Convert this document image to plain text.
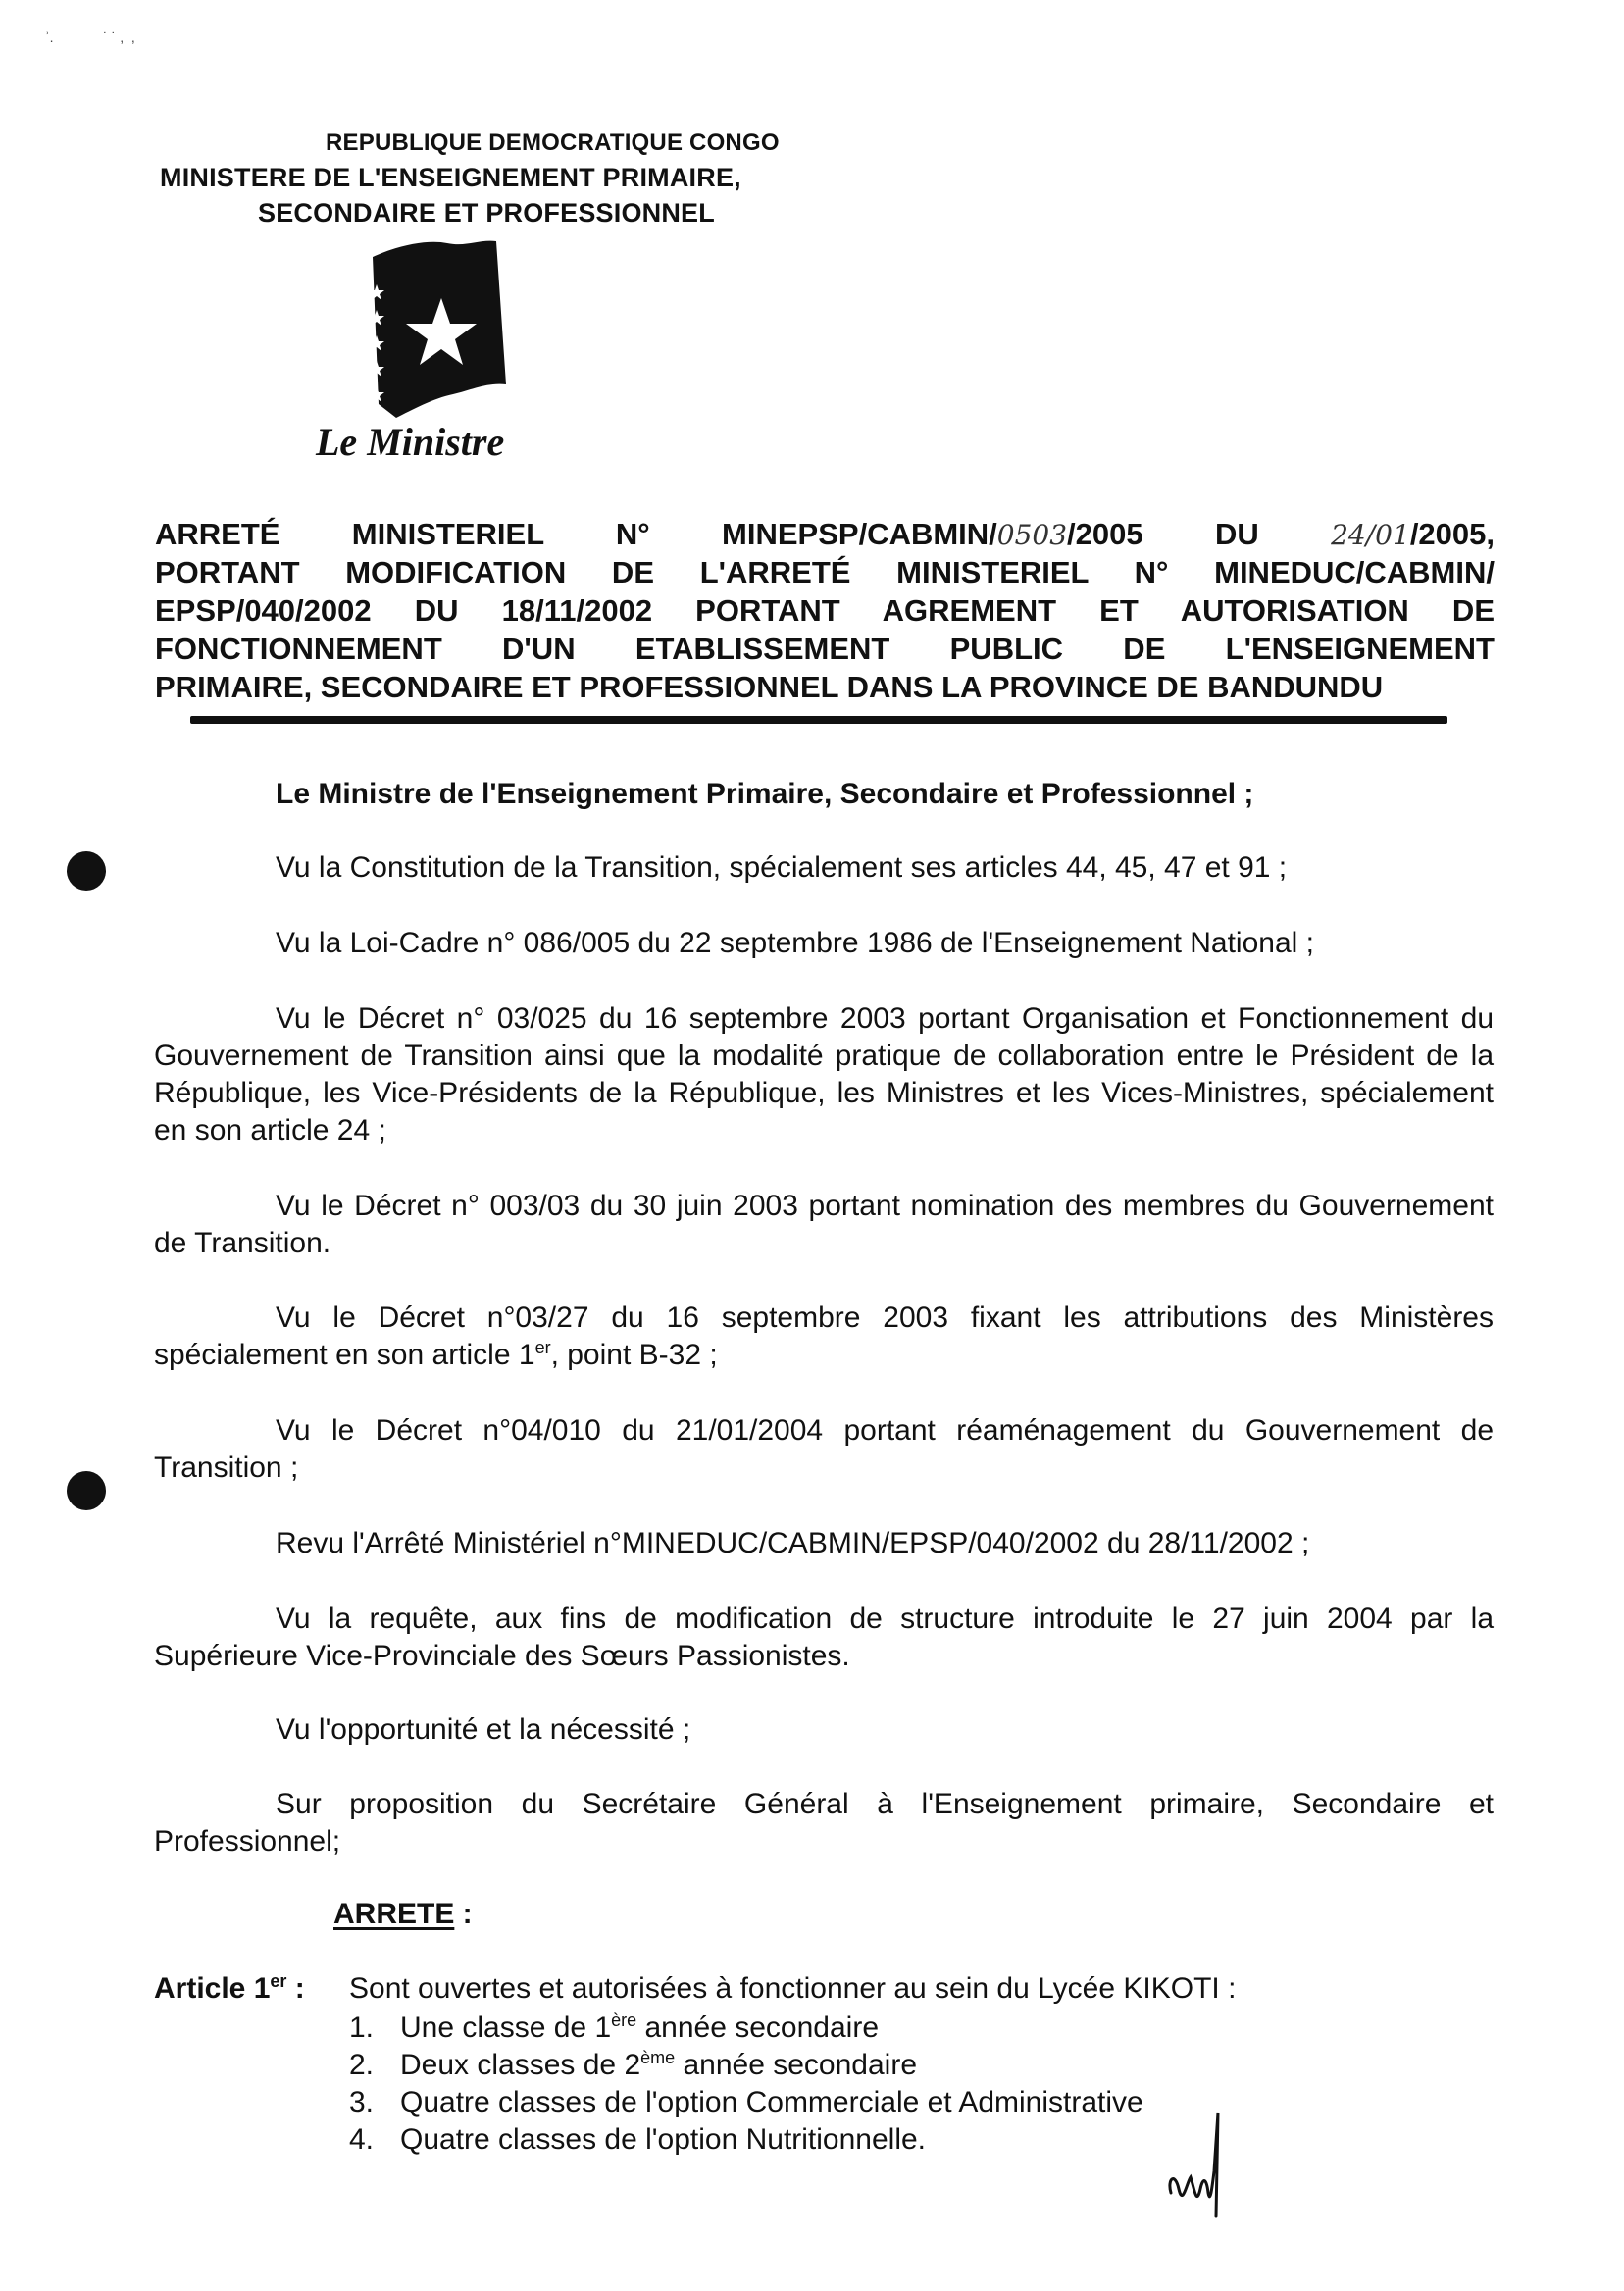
ʾ.             ˙ ˙ ,  ,
REPUBLIQUE DEMOCRATIQUE CONGO
MINISTERE DE L'ENSEIGNEMENT PRIMAIRE,
SECONDAIRE ET PROFESSIONNEL
Le Ministre
ARRETÉ MINISTERIEL N° MINEPSP/CABMIN/0503/2005 DU 24/01/2005,
PORTANT MODIFICATION DE L'ARRETÉ MINISTERIEL N° MINEDUC/CABMIN/
EPSP/040/2002 DU 18/11/2002 PORTANT AGREMENT ET AUTORISATION DE
FONCTIONNEMENT D'UN ETABLISSEMENT PUBLIC DE L'ENSEIGNEMENT
PRIMAIRE, SECONDAIRE ET PROFESSIONNEL DANS LA PROVINCE DE BANDUNDU
Le Ministre de l'Enseignement Primaire, Secondaire et Professionnel ;
Vu la Constitution de la Transition, spécialement ses articles 44, 45, 47 et 91 ;
Vu la Loi-Cadre n° 086/005 du 22 septembre 1986 de l'Enseignement National ;
Vu le Décret n° 03/025 du 16 septembre 2003 portant Organisation et Fonctionnement du Gouvernement de Transition ainsi que la modalité pratique de collaboration entre le Président de la République, les Vice-Présidents de la République, les Ministres et les Vices-Ministres, spécialement en son article 24 ;
Vu le Décret n° 003/03 du 30 juin 2003 portant nomination des membres du Gouvernement de Transition.
Vu le Décret n°03/27 du 16 septembre 2003 fixant les attributions des Ministères spécialement en son article 1er, point B-32 ;
Vu le Décret n°04/010 du 21/01/2004 portant réaménagement du Gouvernement de Transition ;
Revu l'Arrêté Ministériel n°MINEDUC/CABMIN/EPSP/040/2002 du 28/11/2002 ;
Vu la requête, aux fins de modification de structure introduite le 27 juin 2004 par la Supérieure Vice-Provinciale des Sœurs Passionistes.
Vu l'opportunité et la nécessité ;
Sur proposition du Secrétaire Général à l'Enseignement primaire, Secondaire et Professionnel;
ARRETE :
Article 1er : Sont ouvertes et autorisées à fonctionner au sein du Lycée KIKOTI :
1. Une classe de 1ère année secondaire
2. Deux classes de 2ème année secondaire
3. Quatre classes de l'option Commerciale et Administrative
4. Quatre classes de l'option Nutritionnelle.
